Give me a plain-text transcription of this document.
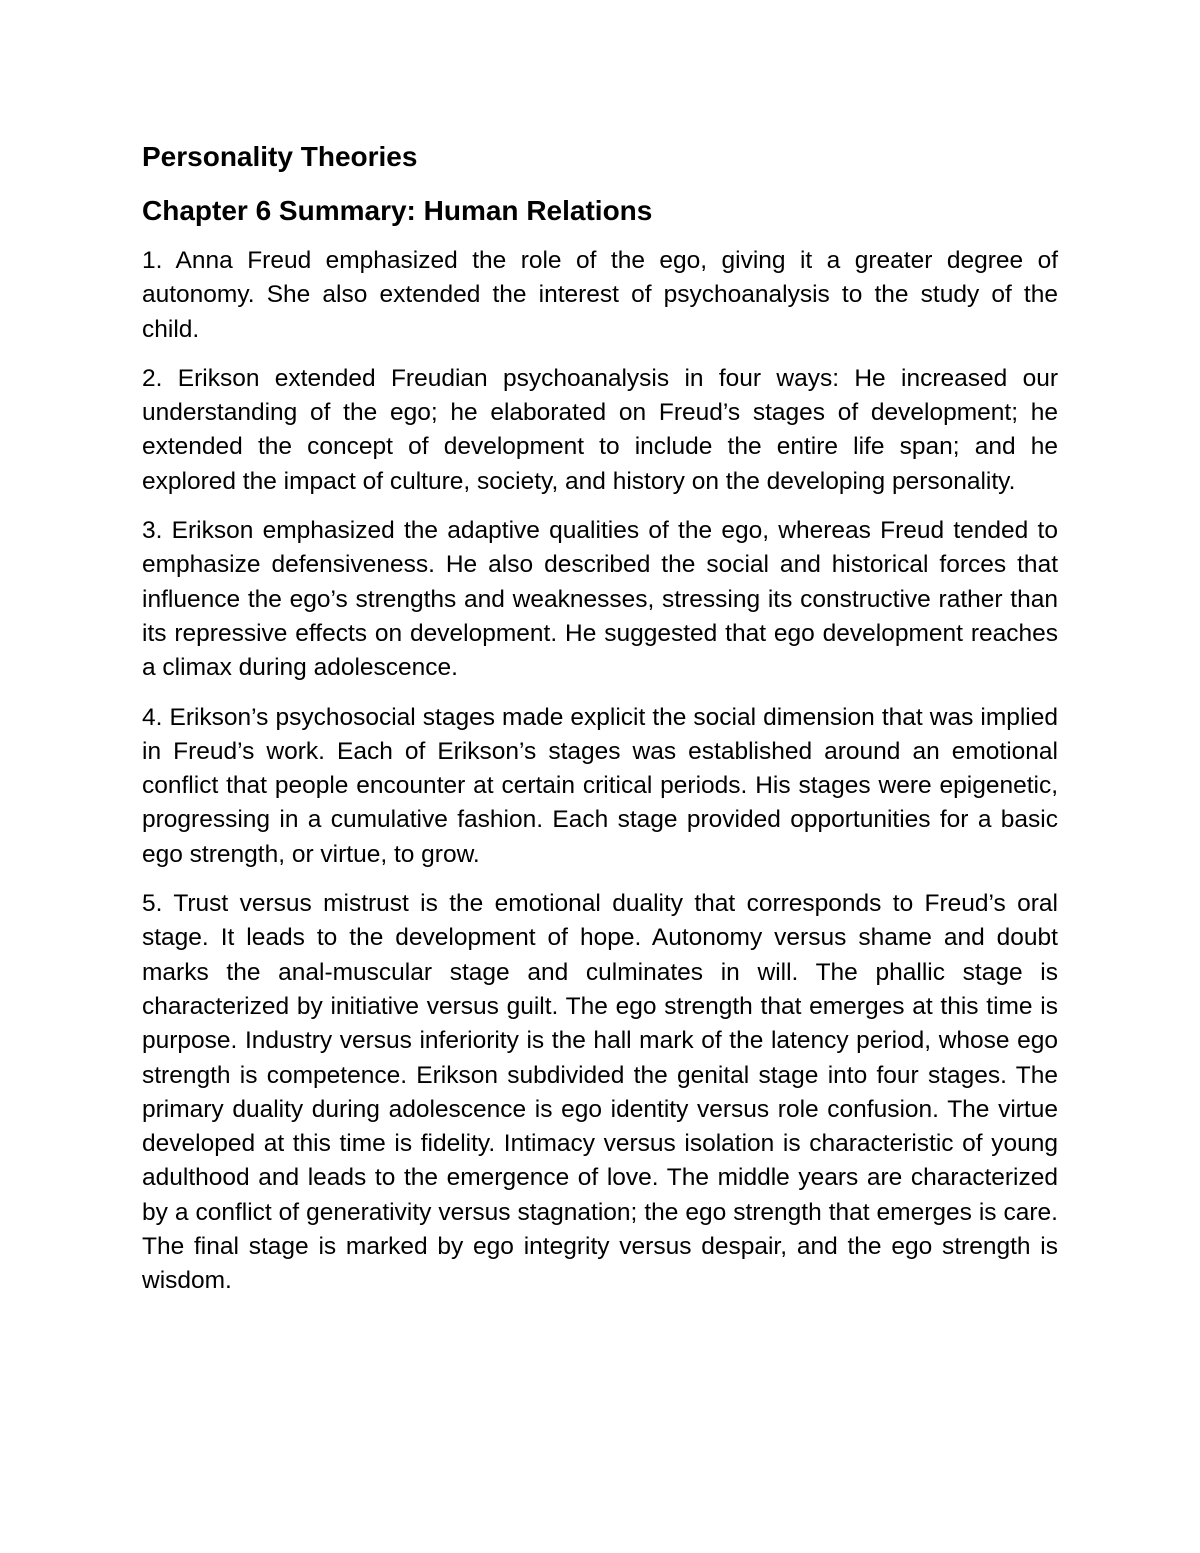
Personality Theories
Chapter 6 Summary: Human Relations

1. Anna Freud emphasized the role of the ego, giving it a greater degree of autonomy. She also extended the interest of psychoanalysis to the study of the child.

2. Erikson extended Freudian psychoanalysis in four ways: He increased our understanding of the ego; he elaborated on Freud’s stages of development; he extended the concept of development to include the entire life span; and he explored the impact of culture, society, and history on the developing personality.

3. Erikson emphasized the adaptive qualities of the ego, whereas Freud tended to emphasize defensiveness. He also described the social and historical forces that influence the ego’s strengths and weaknesses, stressing its constructive rather than its repressive effects on development. He suggested that ego development reaches a climax during adolescence.

4. Erikson’s psychosocial stages made explicit the social dimension that was implied in Freud’s work. Each of Erikson’s stages was established around an emotional conflict that people encounter at certain critical periods. His stages were epigenetic, progressing in a cumulative fashion. Each stage provided opportunities for a basic ego strength, or virtue, to grow.

5. Trust versus mistrust is the emotional duality that corresponds to Freud’s oral stage. It leads to the development of hope. Autonomy versus shame and doubt marks the anal-muscular stage and culminates in will. The phallic stage is characterized by initiative versus guilt. The ego strength that emerges at this time is purpose. Industry versus inferiority is the hall mark of the latency period, whose ego strength is competence. Erikson subdivided the genital stage into four stages. The primary duality during adolescence is ego identity versus role confusion. The virtue developed at this time is fidelity. Intimacy versus isolation is characteristic of young adulthood and leads to the emergence of love. The middle years are characterized by a conflict of generativity versus stagnation; the ego strength that emerges is care. The final stage is marked by ego integrity versus despair, and the ego strength is wisdom.
